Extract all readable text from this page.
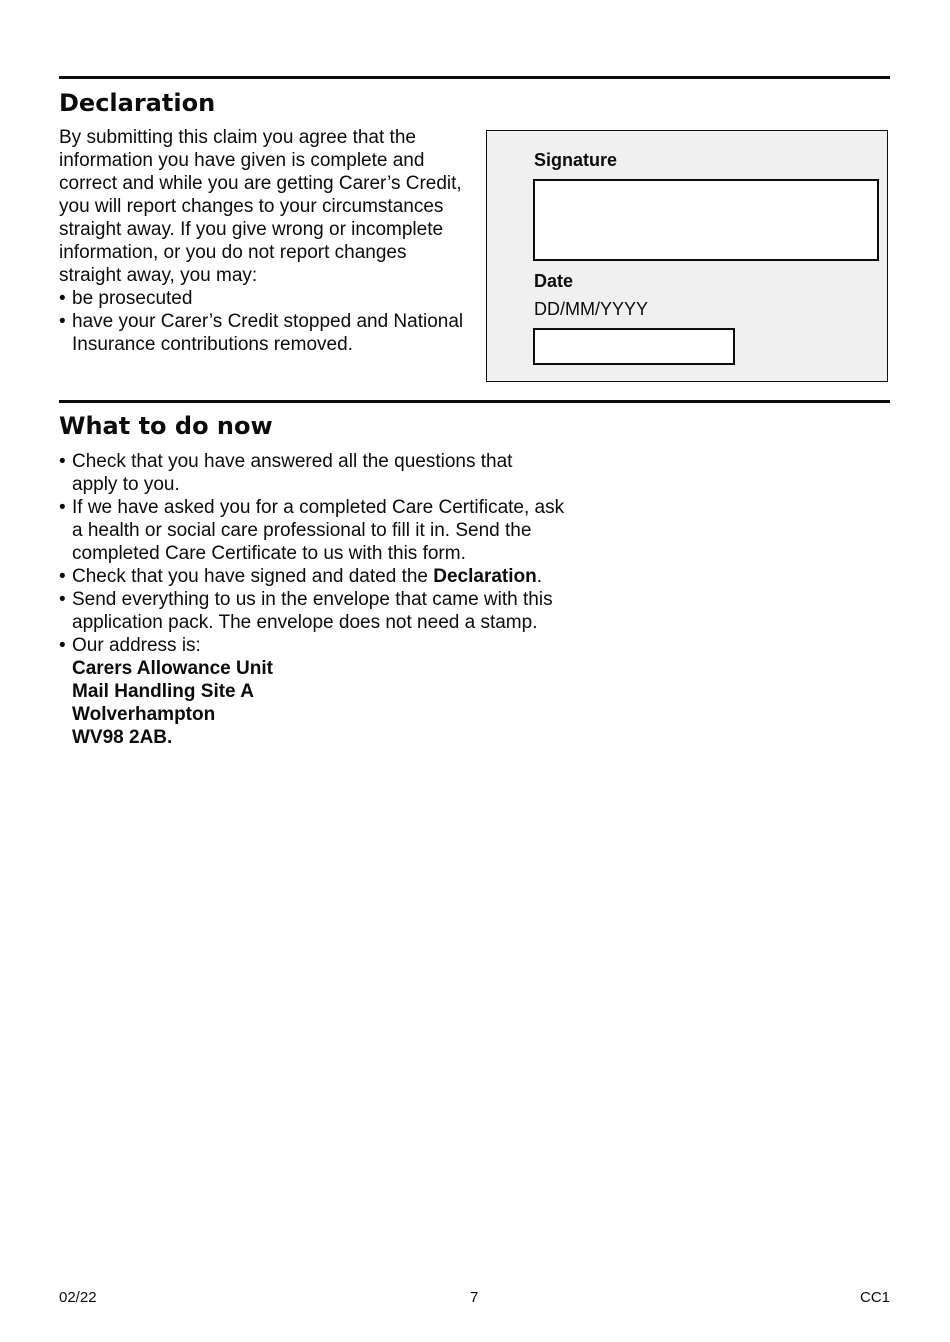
Declaration

By submitting this claim you agree that the
information you have given is complete and
correct and while you are getting Carer’s Credit,
you will report changes to your circumstances
straight away. If you give wrong or incomplete
information, or you do not report changes
straight away, you may:

• be prosecuted
• have your Carer’s Credit stopped and National
Insurance contributions removed.
Signature
Date
DD/MM/YYYY
What to do now
• Check that you have answered all the questions that
apply to you.
• If we have asked you for a completed Care Certificate, ask
a health or social care professional to fill it in. Send the
completed Care Certificate to us with this form.
• Check that you have signed and dated the Declaration.
• Send everything to us in the envelope that came with this
application pack. The envelope does not need a stamp.
• Our address is:
Carers Allowance Unit
Mail Handling Site A
Wolverhampton
WV98 2AB.
02/22	7	CC1
